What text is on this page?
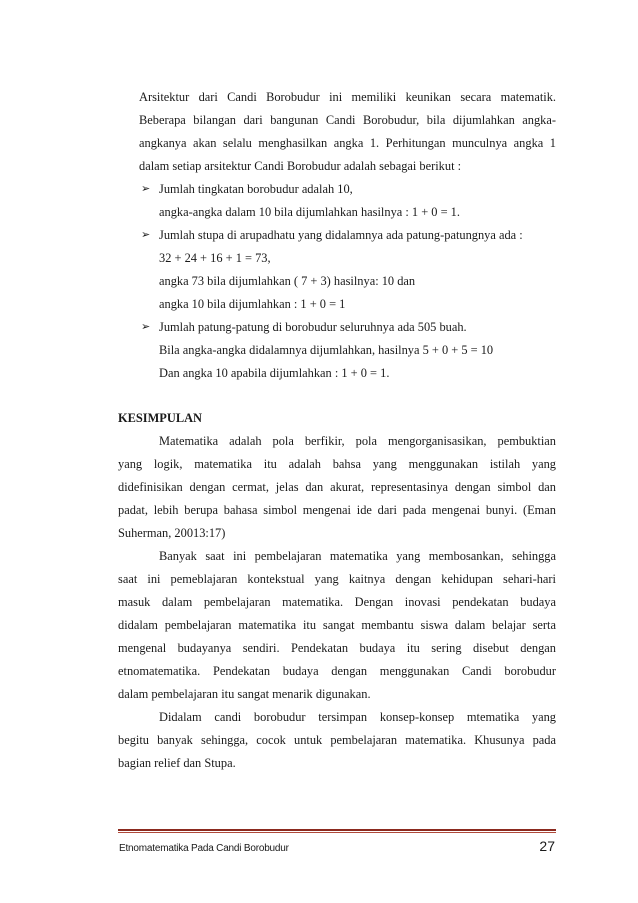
Arsitektur dari Candi Borobudur ini memiliki keunikan secara matematik.
Beberapa bilangan dari bangunan Candi Borobudur, bila dijumlahkan angka-
angkanya akan selalu menghasilkan angka 1. Perhitungan munculnya angka 1
dalam setiap arsitektur Candi Borobudur adalah sebagai berikut :
➢ Jumlah tingkatan borobudur adalah 10,
angka-angka dalam 10 bila dijumlahkan hasilnya : 1 + 0 = 1.
➢ Jumlah stupa di arupadhatu yang didalamnya ada patung-patungnya ada :
32 + 24 + 16 + 1 = 73,
angka 73 bila dijumlahkan ( 7 + 3) hasilnya: 10 dan
angka 10 bila dijumlahkan : 1 + 0 = 1
➢ Jumlah patung-patung di borobudur seluruhnya ada 505 buah.
Bila angka-angka didalamnya dijumlahkan, hasilnya 5 + 0 + 5 = 10
Dan angka 10 apabila dijumlahkan : 1 + 0 = 1.
KESIMPULAN
Matematika adalah pola berfikir, pola mengorganisasikan, pembuktian
yang logik, matematika itu adalah bahsa yang menggunakan istilah yang
didefinisikan dengan cermat, jelas dan akurat, representasinya dengan simbol dan
padat, lebih berupa bahasa simbol mengenai ide dari pada mengenai bunyi. (Eman
Suherman, 20013:17)
Banyak saat ini pembelajaran matematika yang membosankan, sehingga
saat ini pemeblajaran kontekstual yang kaitnya dengan kehidupan sehari-hari
masuk dalam pembelajaran matematika. Dengan inovasi pendekatan budaya
didalam pembelajaran matematika itu sangat membantu siswa dalam belajar serta
mengenal budayanya sendiri. Pendekatan budaya itu sering disebut dengan
etnomatematika. Pendekatan budaya dengan menggunakan Candi borobudur
dalam pembelajaran itu sangat menarik digunakan.
Didalam candi borobudur tersimpan konsep-konsep mtematika yang
begitu banyak sehingga, cocok untuk pembelajaran matematika. Khusunya pada
bagian relief dan Stupa.
Etnomatematika Pada Candi Borobudur	27
